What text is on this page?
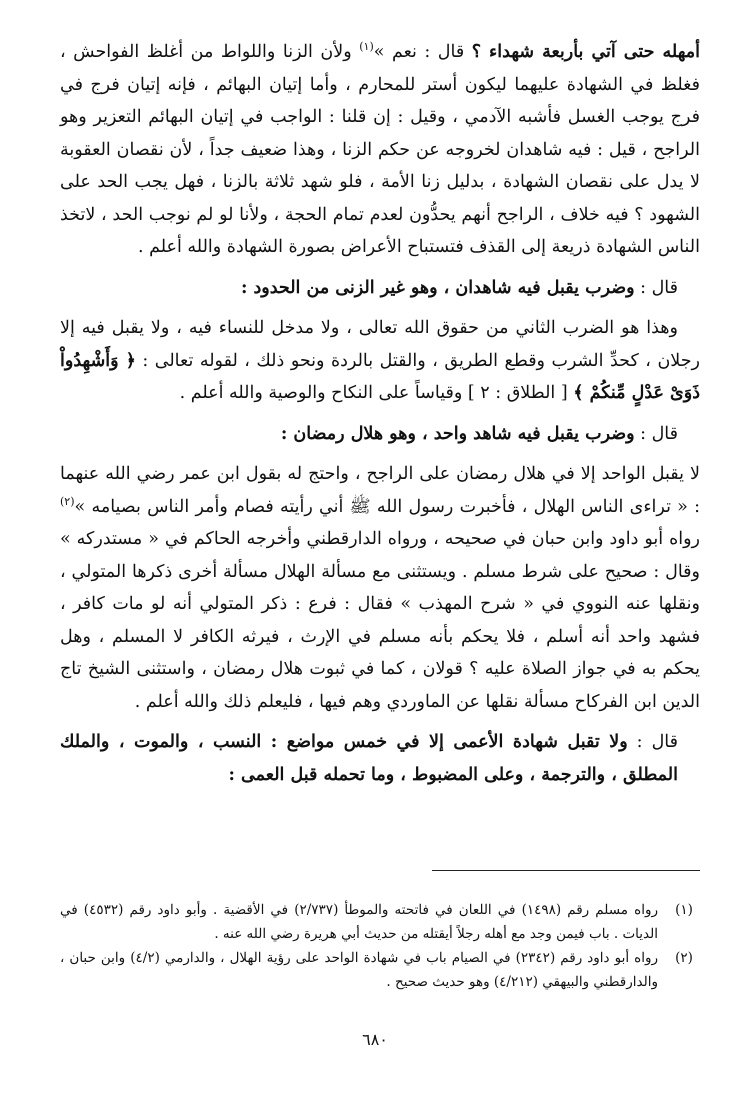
أمهله حتى آتي بأربعة شهداء ؟ قال : نعم »$^{(١)}$ ولأن الزنا واللواط من أغلظ الفواحش ، فغلظ في الشهادة عليهما ليكون أستر للمحارم ، وأما إتيان البهائم ، فإنه إتيان فرج في فرج يوجب الغسل فأشبه الآدمي ، وقيل : إن قلنا : الواجب في إتيان البهائم التعزير وهو الراجح ، قيل : فيه شاهدان لخروجه عن حكم الزنا ، وهذا ضعيف جداً ، لأن نقصان العقوبة لا يدل على نقصان الشهادة ، بدليل زنا الأمة ، فلو شهد ثلاثة بالزنا ، فهل يجب الحد على الشهود ؟ فيه خلاف ، الراجح أنهم يحدُّون لعدم تمام الحجة ، ولأنا لو لم نوجب الحد ، لاتخذ الناس الشهادة ذريعة إلى القذف فتستباح الأعراض بصورة الشهادة والله أعلم .

قال : وضرب يقبل فيه شاهدان ، وهو غير الزنى من الحدود :

وهذا هو الضرب الثاني من حقوق الله تعالى ، ولا مدخل للنساء فيه ، ولا يقبل فيه إلا رجلان ، كحدِّ الشرب وقطع الطريق ، والقتل بالردة ونحو ذلك ، لقوله تعالى : ﴿ وَأَشْهِدُواْ ذَوَىْ عَدْلٍ مِّنكُمْ ﴾ [ الطلاق : ٢ ] وقياساً على النكاح والوصية والله أعلم .

قال : وضرب يقبل فيه شاهد واحد ، وهو هلال رمضان :

لا يقبل الواحد إلا في هلال رمضان على الراجح ، واحتج له بقول ابن عمر رضي الله عنهما : « تراءى الناس الهلال ، فأخبرت رسول الله ﷺ أني رأيته فصام وأمر الناس بصيامه »$^{(٢)}$ رواه أبو داود وابن حبان في صحيحه ، ورواه الدارقطني وأخرجه الحاكم في « مستدركه » وقال : صحيح على شرط مسلم . ويستثنى مع مسألة الهلال مسألة أخرى ذكرها المتولي ، ونقلها عنه النووي في « شرح المهذب » فقال : فرع : ذكر المتولي أنه لو مات كافر ، فشهد واحد أنه أسلم ، فلا يحكم بأنه مسلم في الإرث ، فيرثه الكافر لا المسلم ، وهل يحكم به في جواز الصلاة عليه ؟ قولان ، كما في ثبوت هلال رمضان ، واستثنى الشيخ تاج الدين ابن الفركاح مسألة نقلها عن الماوردي وهم فيها ، فليعلم ذلك والله أعلم .

قال : ولا تقبل شهادة الأعمى إلا في خمس مواضع : النسب ، والموت ، والملك المطلق ، والترجمة ، وعلى المضبوط ، وما تحمله قبل العمى :

(١)
رواه مسلم رقم (١٤٩٨) في اللعان في فاتحته والموطأ (٢/٧٣٧) في الأقضية . وأبو داود رقم (٤٥٣٢) في الديات . باب فيمن وجد مع أهله رجلاً أيقتله من حديث أبي هريرة رضي الله عنه .
(٢)
رواه أبو داود رقم (٢٣٤٢) في الصيام باب في شهادة الواحد على رؤية الهلال ، والدارمي (٤/٢) وابن حبان ، والدارقطني والبيهقي (٤/٢١٢) وهو حديث صحيح .
٦٨٠
